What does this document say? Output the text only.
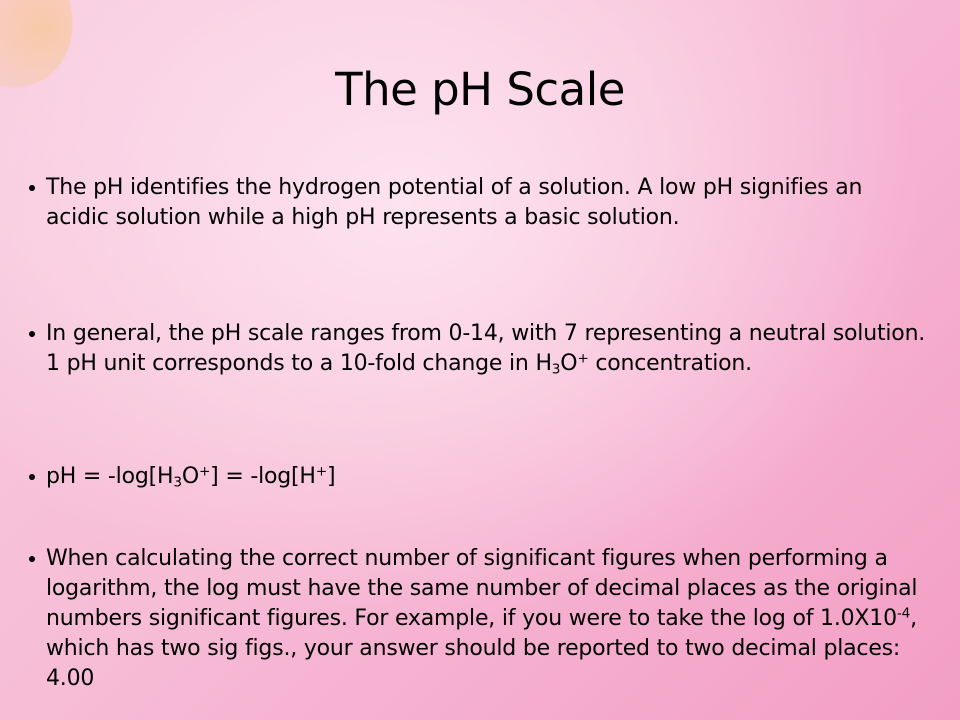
The pH Scale
The pH identifies the hydrogen potential of a solution. A low pH signifies an acidic solution while a high pH represents a basic solution.
In general, the pH scale ranges from 0-14, with 7 representing a neutral solution. 1 pH unit corresponds to a 10-fold change in $H_3O^+$ concentration.
pH = $-\log[H_3O^+] = -\log[H^+]$
When calculating the correct number of significant figures when performing a logarithm, the log must have the same number of decimal places as the original numbers significant figures. For example, if you were to take the log of $1.0X10^{-4}$, which has two sig figs., your answer should be reported to two decimal places: 4.00
